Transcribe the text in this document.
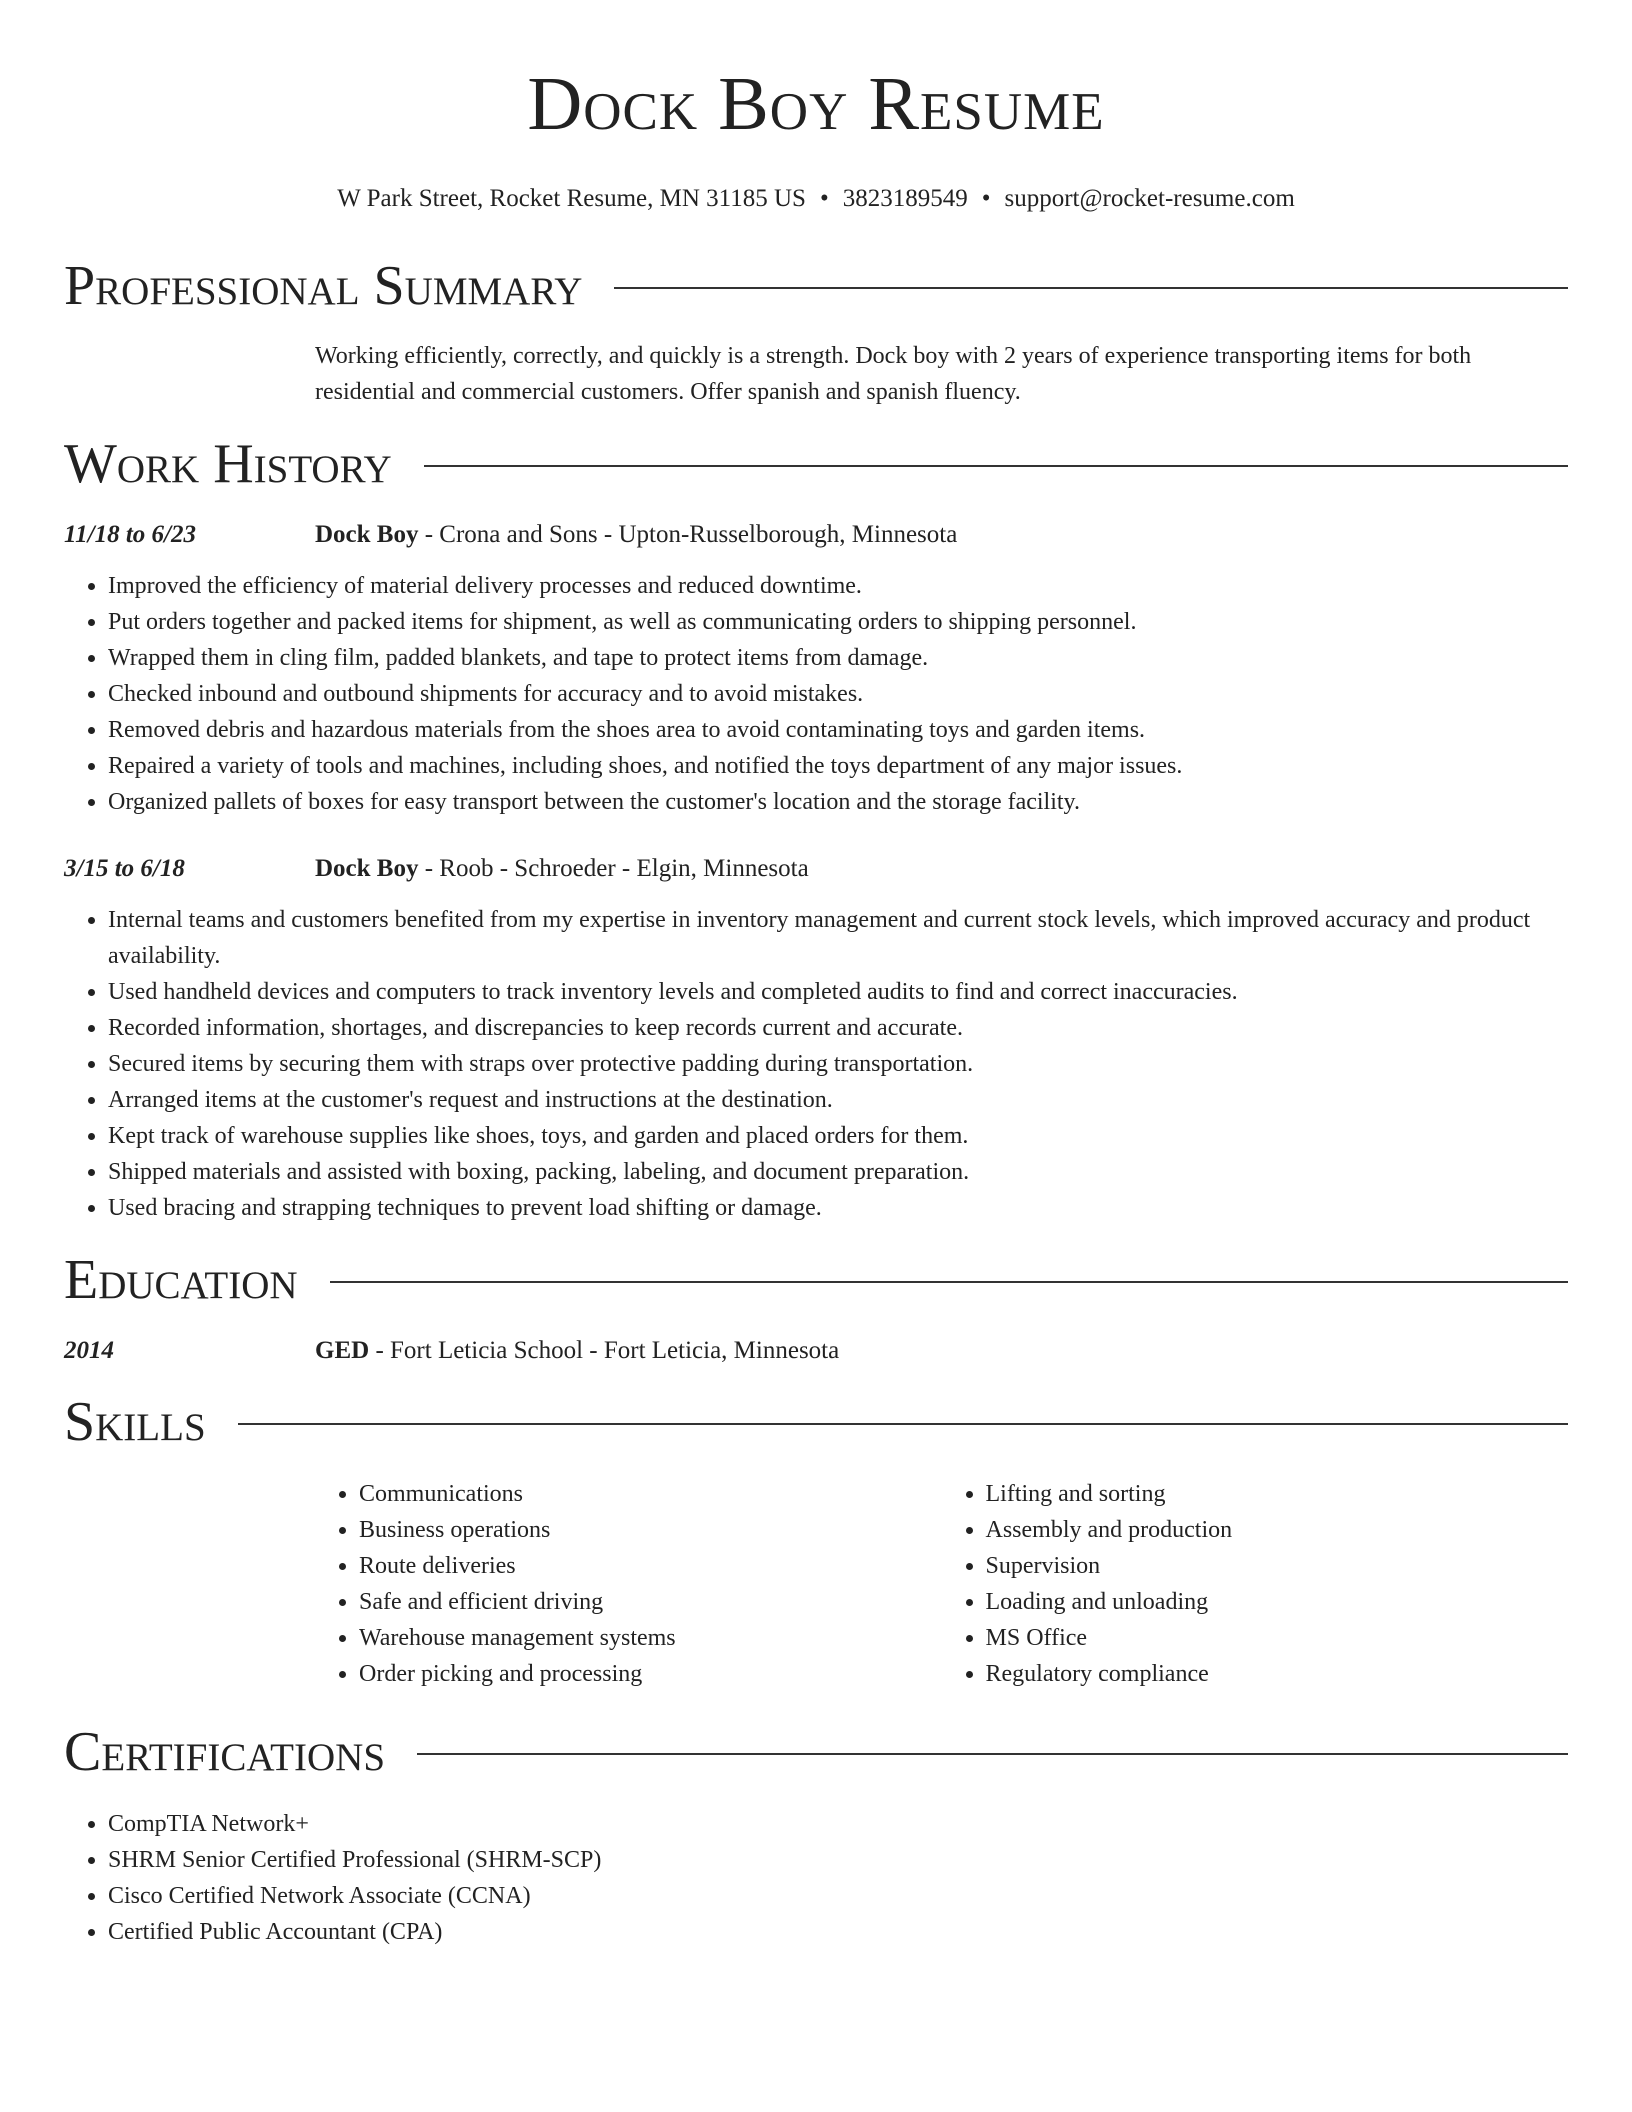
Dock Boy Resume
W Park Street, Rocket Resume, MN 31185 US • 3823189549 • support@rocket-resume.com
Professional Summary
Working efficiently, correctly, and quickly is a strength. Dock boy with 2 years of experience transporting items for both residential and commercial customers. Offer spanish and spanish fluency.
Work History
11/18 to 6/23	Dock Boy - Crona and Sons - Upton-Russelborough, Minnesota
• Improved the efficiency of material delivery processes and reduced downtime.
• Put orders together and packed items for shipment, as well as communicating orders to shipping personnel.
• Wrapped them in cling film, padded blankets, and tape to protect items from damage.
• Checked inbound and outbound shipments for accuracy and to avoid mistakes.
• Removed debris and hazardous materials from the shoes area to avoid contaminating toys and garden items.
• Repaired a variety of tools and machines, including shoes, and notified the toys department of any major issues.
• Organized pallets of boxes for easy transport between the customer's location and the storage facility.
3/15 to 6/18	Dock Boy - Roob - Schroeder - Elgin, Minnesota
• Internal teams and customers benefited from my expertise in inventory management and current stock levels, which improved accuracy and product availability.
• Used handheld devices and computers to track inventory levels and completed audits to find and correct inaccuracies.
• Recorded information, shortages, and discrepancies to keep records current and accurate.
• Secured items by securing them with straps over protective padding during transportation.
• Arranged items at the customer's request and instructions at the destination.
• Kept track of warehouse supplies like shoes, toys, and garden and placed orders for them.
• Shipped materials and assisted with boxing, packing, labeling, and document preparation.
• Used bracing and strapping techniques to prevent load shifting or damage.
Education
2014	GED - Fort Leticia School - Fort Leticia, Minnesota
Skills
• Communications
• Business operations
• Route deliveries
• Safe and efficient driving
• Warehouse management systems
• Order picking and processing
• Lifting and sorting
• Assembly and production
• Supervision
• Loading and unloading
• MS Office
• Regulatory compliance
Certifications
• CompTIA Network+
• SHRM Senior Certified Professional (SHRM-SCP)
• Cisco Certified Network Associate (CCNA)
• Certified Public Accountant (CPA)
